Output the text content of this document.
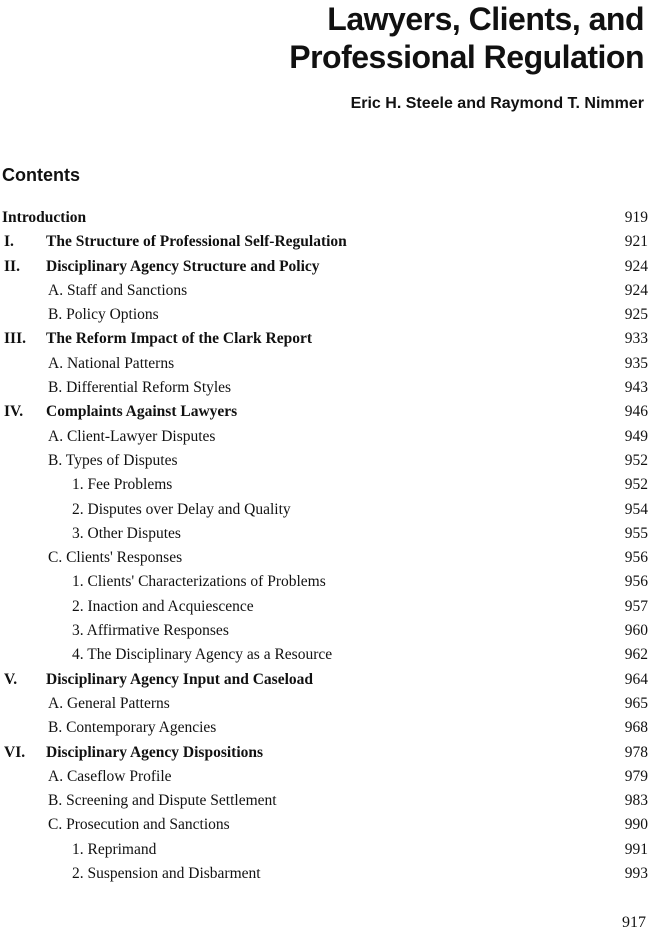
Lawyers, Clients, and
Professional Regulation
Eric H. Steele and Raymond T. Nimmer
Contents
Introduction	919
I. The Structure of Professional Self-Regulation	921
II. Disciplinary Agency Structure and Policy	924
A. Staff and Sanctions	924
B. Policy Options	925
III. The Reform Impact of the Clark Report	933
A. National Patterns	935
B. Differential Reform Styles	943
IV. Complaints Against Lawyers	946
A. Client-Lawyer Disputes	949
B. Types of Disputes	952
1. Fee Problems	952
2. Disputes over Delay and Quality	954
3. Other Disputes	955
C. Clients' Responses	956
1. Clients' Characterizations of Problems	956
2. Inaction and Acquiescence	957
3. Affirmative Responses	960
4. The Disciplinary Agency as a Resource	962
V. Disciplinary Agency Input and Caseload	964
A. General Patterns	965
B. Contemporary Agencies	968
VI. Disciplinary Agency Dispositions	978
A. Caseflow Profile	979
B. Screening and Dispute Settlement	983
C. Prosecution and Sanctions	990
1. Reprimand	991
2. Suspension and Disbarment	993
917
